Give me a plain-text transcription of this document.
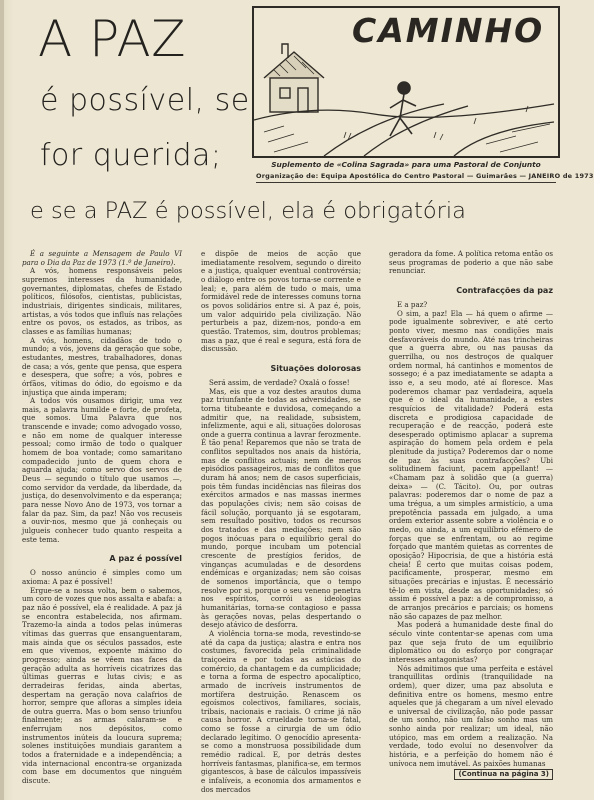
A PAZ
é possível, se
for querida;
CAMINHO
Suplemento de «Colina Sagrada» para uma Pastoral de Conjunto
Organização de: Equipa Apostólica do Centro Pastoral — Guimarães — JANEIRO de 1973
e se a PAZ é possível, ela é obrigatória

É a seguinte a Mensagem de Paulo VI para o Dia da Paz de 1973 (1.º de Janeiro).

A vós, homens responsáveis pelos supremos interesses da humanidade, governantes, diplomatas, chefes de Estado políticos, filósofos, cientistas, publicistas, industriais, dirigentes sindicais, militares, artistas, a vós todos que influís nas relações entre os povos, os estados, as tribos, as classes e as famílias humanas;

A vós, homens, cidadãos de todo o mundo; a vós, jovens da geração que sobe, estudantes, mestres, trabalhadores, donas de casa; a vós, gente que pensa, que espera e desespera, que sofre; a vós, pobres e órfãos, vítimas do ódio, do egoísmo e da injustiça que ainda imperam;

A todos vós ousamos dirigir, uma vez mais, a palavra humilde e forte, de profeta, que somos. Uma Palavra que nos transcende e invade; como advogado vosso, e não em nome de qualquer interesse pessoal; como irmão de todo o qualquer homem de boa vontade; como samaritano compadecido junto de quem chora e aguarda ajuda; como servo dos servos de Deus — segundo o título que usamos —, como servidor da verdade, da liberdade, da justiça, do desenvolvimento e da esperança; para nesse Novo Ano de 1973, vos tornar a falar da paz. Sim, da paz! Não vos recuseis a ouvir-nos, mesmo que já conheçais ou julgueis conhecer tudo quanto respeita a este tema.

A paz é possível

O nosso anúncio é simples como um axioma: A paz é possível!

Ergue-se a nossa volta, bem o sabemos, um coro de vozes que nos assalta e abafa: a paz não é possível, ela é realidade. A paz já se encontra estabelecida, nos afirmam. Trazemo-la ainda a todos pelas inúmeras vítimas das guerras que ensanguentaram, mais ainda que os séculos passados, este em que vivemos, expoente máximo do progresso; ainda se vêem nas faces da geração adulta as horríveis cicatrizes das últimas guerras e lutas civis; e as derradeiras feridas, ainda abertas, despertam na geração nova calafrios de horror, sempre que afloras a simples ideia de outra guerra. Mas o bom senso triunfou finalmente; as armas calaram-se e enferrujam nos depósitos, como instrumentos inúteis da loucura suprema; solenes instituições mundiais garantem a todos a fraternidade e a independência; a vida internacional encontra-se organizada com base em documentos que ninguém discute.

e dispõe de meios de acção que imediatamente resolvem, segundo o direito e a justiça, qualquer eventual controvérsia; o diálogo entre os povos torna-se corrente e leal; e, para além de tudo o mais, uma formidável rede de interesses comuns torna os povos solidários entre si. A paz é, pois, um valor adquirido pela civilização. Não perturbeis a paz, dizem-nos, pondo-a em questão. Tratemos, sim, doutros problemas; mas a paz, que é real e segura, está fora de discussão.

Situações dolorosas

Será assim, de verdade? Oxalá o fosse!

Mas, eis que a voz destes arautos duma paz triunfante de todas as adversidades, se torna titubeante e duvidosa, começando a admitir que, na realidade, subsistem, infelizmente, aqui e ali, situações dolorosas onde a guerra continua a lavrar ferozmente. É tão pena! Reparemos que não se trata de conflitos sepultados nos anais da história, mas de conflitos actuais; nem de meros episódios passageiros, mas de conflitos que duram há anos; nem de casos superficiais, pois têm fundas incidências nas fileiras dos exércitos armados e nas massas inermes das populações civis; nem são coisas de fácil solução, porquanto já se esgotaram, sem resultado positivo, todos os recursos dos tratados e das mediações; nem são pogos inócuas para o equilíbrio geral do mundo, porque incubam um potencial crescente de prestígios feridos, de vinganças acumuladas e de desordens endémicas e organizadas; nem são coisas de somenos importância, que o tempo resolve por si, porque o seu veneno penetra nos espíritos, corrói as ideologias humanitárias, torna-se contagioso e passa às gerações novas, pelas despertando o desejo atávico de desforra.

A violência torna-se moda, revestindo-se até da capa da justiça; alastra e entra nos costumes, favorecida pela criminalidade traiçoeira e por todas as astúcias do comércio, da chantagem e da cumplicidade; e torna a forma de espectro apocalíptico, armado de incríveis instrumentos de mortífera destruição. Renascem os egoísmos colectivos, familiares, sociais, tribais, nacionais e raciais. O crime já não causa horror. A crueldade torna-se fatal, como se fosse a cirurgia de um ódio declarado legítimo. O genocídio apresenta-se como a monstruosa possibilidade dum remédio radical. E, por detrás destes horríveis fantasmas, planifica-se, em termos gigantescos, à base de cálculos impassíveis e infalíveis, a economia dos armamentos e dos mercados

geradora da fome. A política retoma então os seus programas de poderio a que não sabe renunciar.

Contrafacções da paz

E a paz?

O sim, a paz! Ela — há quem o afirme — pode igualmente sobreviver, e até certo ponto viver, mesmo nas condições mais desfavoráveis do mundo. Até nas trincheiras que a guerra abre, ou nas pausas da guerrilha, ou nos destroços de qualquer ordem normal, há cantinhos e momentos de sossego; é a paz imediatamente se adapta a isso e, a seu modo, até aí floresce. Mas poderemos chamar paz verdadeira, aquela que é o ideal da humanidade, a estes resquícios de vitalidade? Poderá esta discreta e prodigiosa capacidade de recuperação e de reacção, poderá este desesperado optimismo aplacar a suprema aspiração do homem pela ordem e pela plenitude da justiça? Poderemos dar o nome de paz às suas contrafacções? Ubi solitudinem faciunt, pacem appellant! — «Chamam paz à solidão que (a guerra) deixa» — (C. Tácito). Ou, por outras palavras: poderemos dar o nome de paz a uma trégua, a um simples armistício, a uma prepotência passada em julgado, a uma ordem exterior assente sobre a violência e o medo, ou ainda, a um equilíbrio efémero de forças que se enfrentam, ou ao regime forçado que mantém quietas as correntes de oposição? Hipocrisia, de que a história está cheia! É certo que muitas coisas podem, pacificamente, prosperar, mesmo em situações precárias e injustas. É necessário tê-lo em vista, desde as oportunidades; só assim é possível a paz: a de compromisso, a de arranjos precários e parciais; os homens não são capazes de paz melhor.

Mas poderá a humanidade deste final do século vinte contentar-se apenas com uma paz que seja fruto de um equilíbrio diplomático ou do esforço por congraçar interesses antagonistas?

Nós admitimos que uma perfeita e estável tranquillitas ordinis (tranquilidade na ordem), quer dizer, uma paz absoluta e definitiva entre os homens, mesmo entre aqueles que já chegaram a um nível elevado e universal de civilização, não pode passar de um sonho, não um falso sonho mas um sonho ainda por realizar; um ideal, não utópico, mas em ordem a realização. Na verdade, todo evoluí no desenvolver da história, e a perfeição do homem não é unívoca nem imutável. As paixões humanas

(Continua na página 3)
